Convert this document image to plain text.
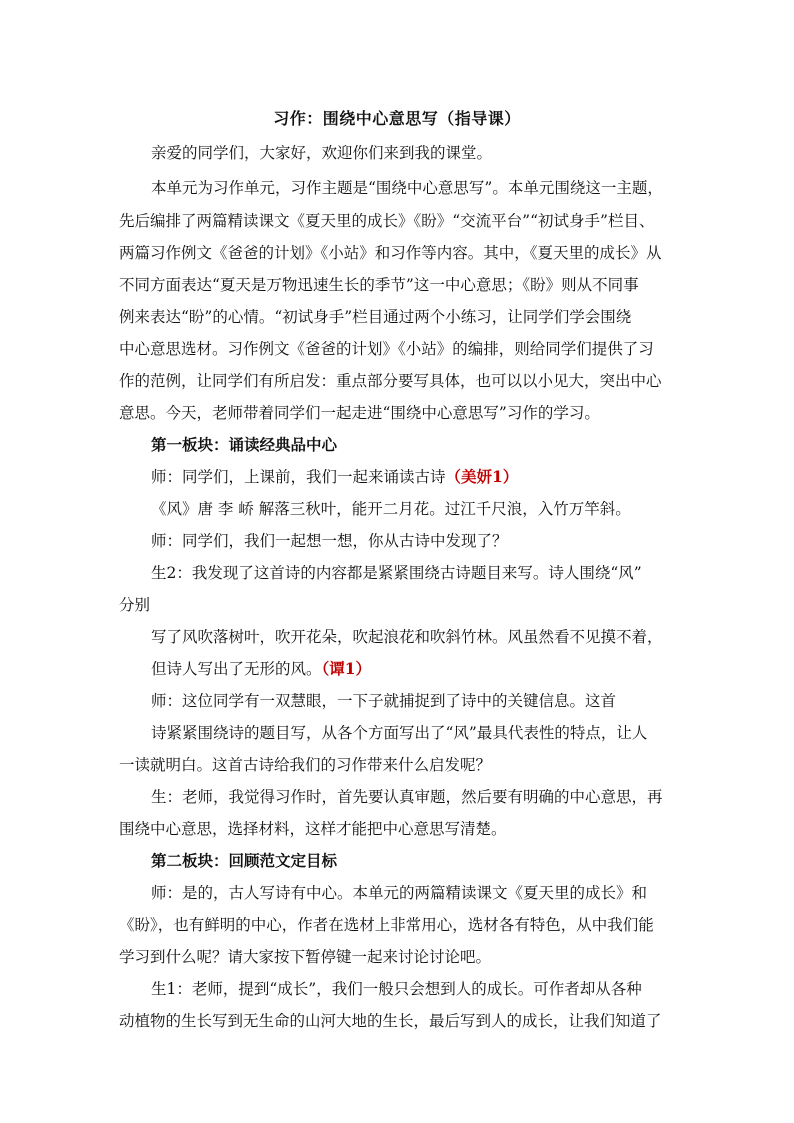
习作：围绕中心意思写（指导课）
亲爱的同学们，大家好，欢迎你们来到我的课堂。
本单元为习作单元，习作主题是“围绕中心意思写”。本单元围绕这一主题，
先后编排了两篇精读课文《夏天里的成长》《盼》“交流平台”“初试身手”栏目、
两篇习作例文《爸爸的计划》《小站》和习作等内容。其中，《夏天里的成长》从
不同方面表达“夏天是万物迅速生长的季节”这一中心意思；《盼》则从不同事
例来表达“盼”的心情。“初试身手”栏目通过两个小练习，让同学们学会围绕
中心意思选材。习作例文《爸爸的计划》《小站》的编排，则给同学们提供了习
作的范例，让同学们有所启发：重点部分要写具体，也可以以小见大，突出中心
意思。今天，老师带着同学们一起走进“围绕中心意思写”习作的学习。
第一板块：诵读经典品中心
师：同学们，上课前，我们一起来诵读古诗（美妍1）
《风》唐 李 峤 解落三秋叶，能开二月花。过江千尺浪，入竹万竿斜。
师：同学们，我们一起想一想，你从古诗中发现了？
生2：我发现了这首诗的内容都是紧紧围绕古诗题目来写。诗人围绕“风”
分别
写了风吹落树叶，吹开花朵，吹起浪花和吹斜竹林。风虽然看不见摸不着，
但诗人写出了无形的风。（谭1）
师：这位同学有一双慧眼，一下子就捕捉到了诗中的关键信息。这首
诗紧紧围绕诗的题目写，从各个方面写出了“风”最具代表性的特点，让人
一读就明白。这首古诗给我们的习作带来什么启发呢？
生：老师，我觉得习作时，首先要认真审题，然后要有明确的中心意思，再
围绕中心意思，选择材料，这样才能把中心意思写清楚。
第二板块：回顾范文定目标
师：是的，古人写诗有中心。本单元的两篇精读课文《夏天里的成长》和
《盼》，也有鲜明的中心，作者在选材上非常用心，选材各有特色，从中我们能
学习到什么呢？请大家按下暂停键一起来讨论讨论吧。
生1：老师，提到“成长”，我们一般只会想到人的成长。可作者却从各种
动植物的生长写到无生命的山河大地的生长，最后写到人的成长，让我们知道了
